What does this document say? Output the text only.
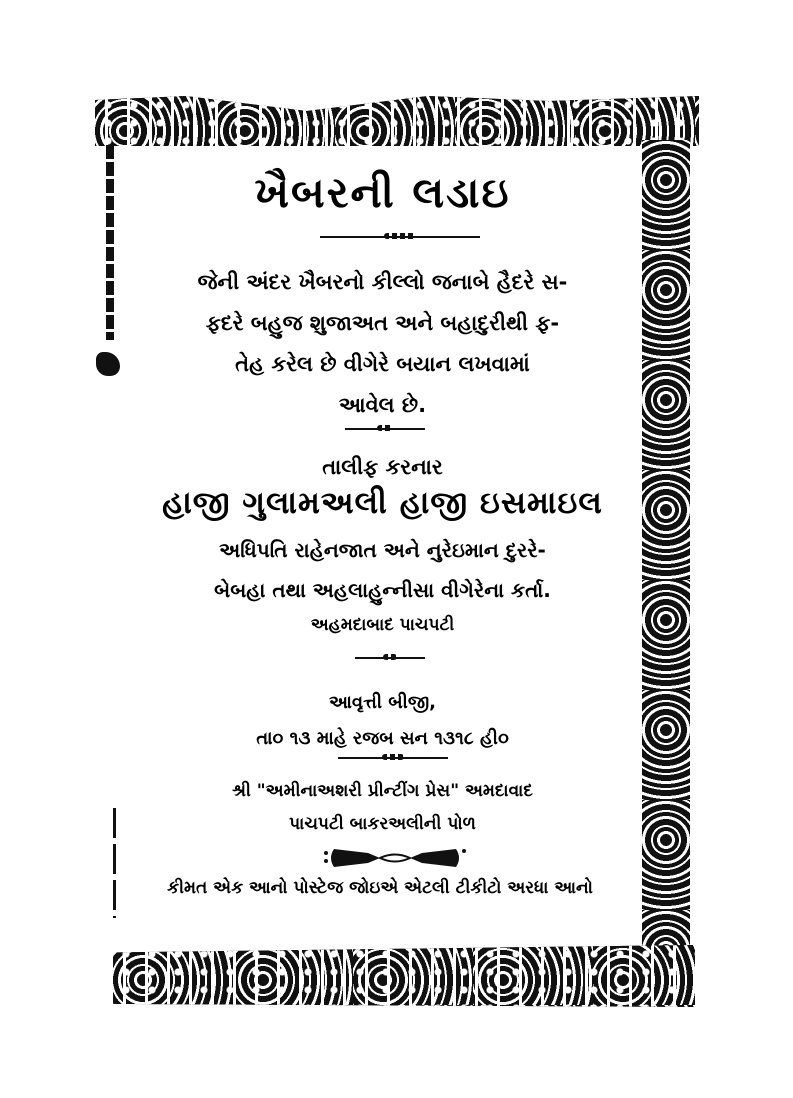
ખૈબરની લડાઇ
જેની અંદર ખૈબરનો કીલ્લો જનાબે હૈદરે સ-
ફદરે બહુજ શુજાઅત અને બહાદુરીથી ફ-
તેહ કરેલ છે વીગેરે બયાન લખવામાં
આવેલ છે.
તાલીફ કરનાર
હાજી ગુલામઅલી હાજી ઇસમાઇલ
અધિપતિ રાહેનજાત અને નુરેઇમાન દુરરે-
બેબહા તથા અહલાહુન્નીસા વીગેરેના કર્તા.
અહમદાબાદ પાચપટી
આવૃત્તી બીજી,
તા૦ ૧૩ માહે રજબ સન ૧૩૧૮ હી૦
શ્રી "અમીનાઅશરી પ્રીન્ટીંગ પ્રેસ" અમદાવાદ
પાચપટી બાકરઅલીની પોળ
કીમત એક આનો પોસ્ટેજ જોઇએ એટલી ટીકીટો અરધા આનો
